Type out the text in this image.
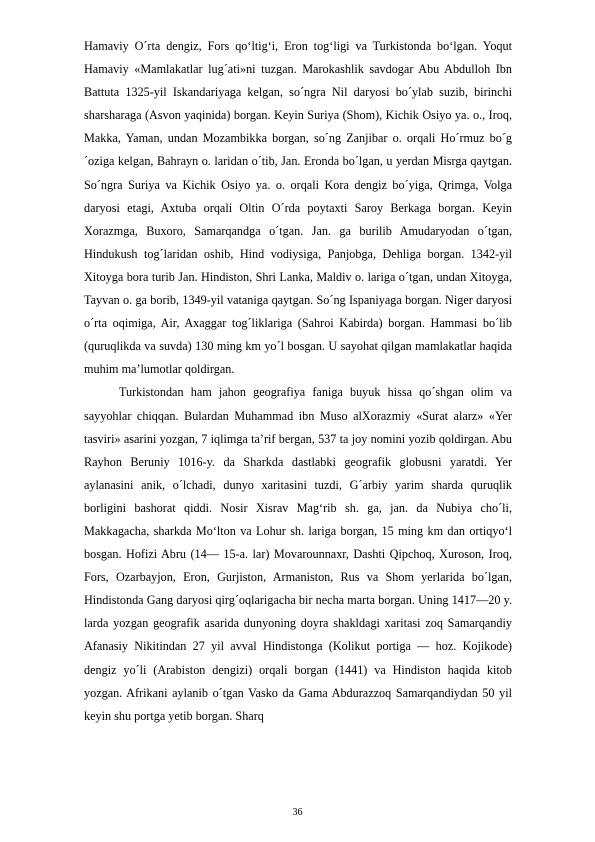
Hamaviy O´rta dengiz, Fors qo‘ltig‘i, Eron tog‘ligi va Turkistonda bo‘lgan. Yoqut Hamaviy «Mamlakatlar lug´ati»ni tuzgan. Marokashlik savdogar Abu Abdulloh Ibn Battuta 1325-yil Iskandariyaga kelgan, so´ngra Nil daryosi bo´ylab suzib, birinchi sharsharaga (Asvon yaqinida) borgan. Keyin Suriya (Shom), Kichik Osiyo ya. o., Iroq, Makka, Yaman, undan Mozambikka borgan, so´ng Zanjibar o. orqali Ho´rmuz bo´g´oziga kelgan, Bahrayn o. laridan o´tib, Jan. Eronda bo´lgan, u yerdan Misrga qaytgan. So´ngra Suriya va Kichik Osiyo ya. o. orqali Kora dengiz bo´yiga, Qrimga, Volga daryosi etagi, Axtuba orqali Oltin O´rda poytaxti Saroy Berkaga borgan. Keyin Xorazmga, Buxoro, Samarqandga o´tgan. Jan. ga burilib Amudaryodan o´tgan, Hindukush tog´laridan oshib, Hind vodiysiga, Panjobga, Dehliga borgan. 1342-yil Xitoyga bora turib Jan. Hindiston, Shri Lanka, Maldiv o. lariga o´tgan, undan Xitoyga, Tayvan o. ga borib, 1349-yil vataniga qaytgan. So´ng Ispaniyaga borgan. Niger daryosi o´rta oqimiga, Air, Axaggar tog´liklariga (Sahroi Kabirda) borgan. Hammasi bo´lib (quruqlikda va suvda) 130 ming km yo´l bosgan. U sayohat qilgan mamlakatlar haqida muhim ma’lumotlar qoldirgan.

Turkistondan ham jahon geografiya faniga buyuk hissa qo´shgan olim va sayyohlar chiqqan. Bulardan Muhammad ibn Muso alXorazmiy «Surat alarz» «Yer tasviri» asarini yozgan, 7 iqlimga ta’rif bergan, 537 ta joy nomini yozib qoldirgan. Abu Rayhon Beruniy 1016-y. da Sharkda dastlabki geografik globusni yaratdi. Yer aylanasini anik, o´lchadi, dunyo xaritasini tuzdi, G´arbiy yarim sharda quruqlik borligini bashorat qiddi. Nosir Xisrav Mag‘rib sh. ga, jan. da Nubiya cho´li, Makkagacha, sharkda Mo‘lton va Lohur sh. lariga borgan, 15 ming km dan ortiqyo‘l bosgan. Hofizi Abru (14— 15-a. lar) Movarounnaxr, Dashti Qipchoq, Xuroson, Iroq, Fors, Ozarbayjon, Eron, Gurjiston, Armaniston, Rus va Shom yerlarida bo´lgan, Hindistonda Gang daryosi qirg´oqlarigacha bir necha marta borgan. Uning 1417—20 y. larda yozgan geografik asarida dunyoning doyra shakldagi xaritasi zoq Samarqandiy Afanasiy Nikitindan 27 yil avval Hindistonga (Kolikut portiga — hoz. Kojikode) dengiz yo´li (Arabiston dengizi) orqali borgan (1441) va Hindiston haqida kitob yozgan. Afrikani aylanib o´tgan Vasko da Gama Abdurazzoq Samarqandiydan 50 yil keyin shu portga yetib borgan. Sharq

36
